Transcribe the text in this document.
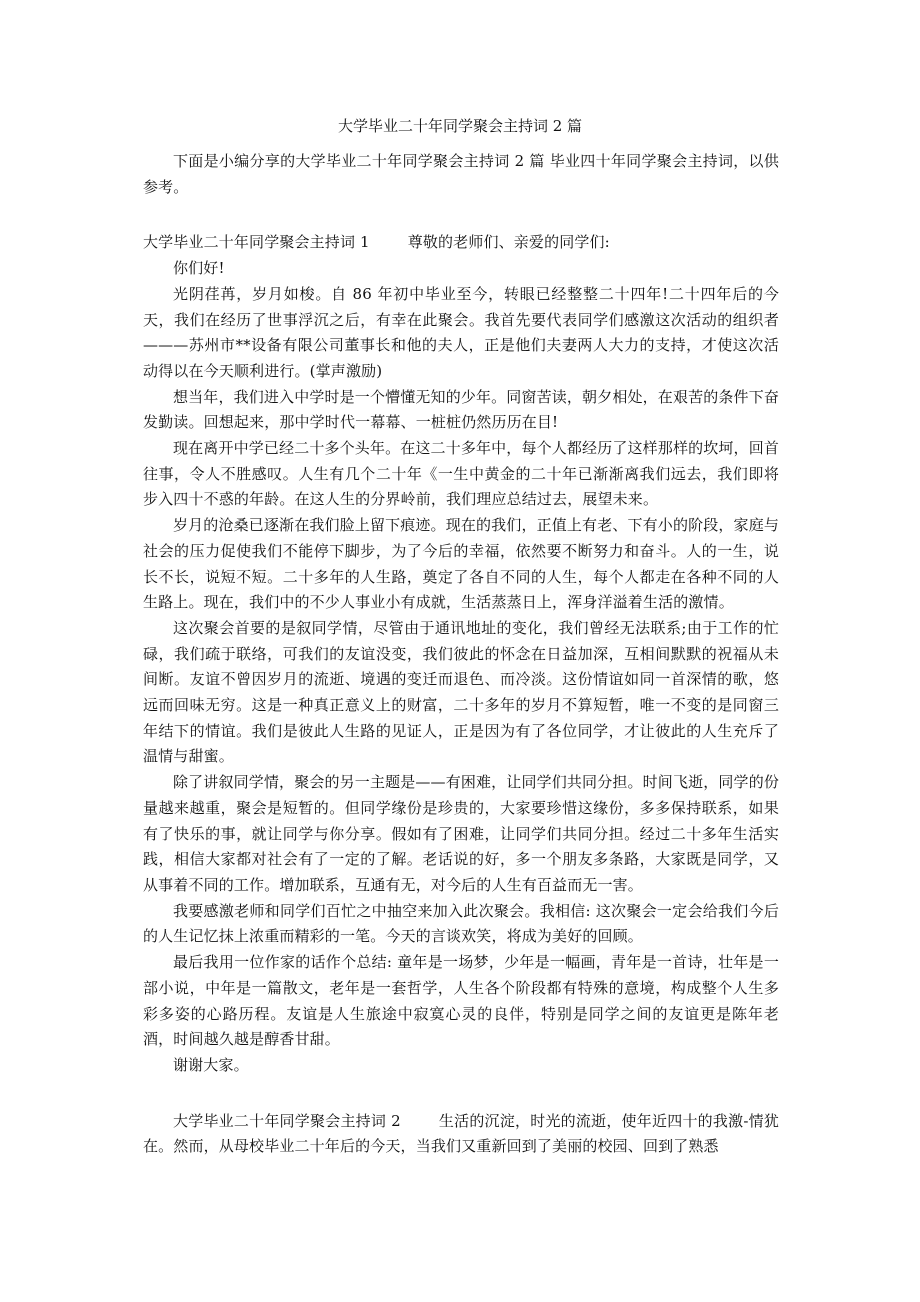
大学毕业二十年同学聚会主持词 2 篇

下面是小编分享的大学毕业二十年同学聚会主持词 2 篇 毕业四十年同学聚会主持词，以供参考。

大学毕业二十年同学聚会主持词 1	尊敬的老师们、亲爱的同学们:

你们好!

光阴荏苒，岁月如梭。自 86 年初中毕业至今，转眼已经整整二十四年!二十四年后的今天，我们在经历了世事浮沉之后，有幸在此聚会。我首先要代表同学们感激这次活动的组织者———苏州市**设备有限公司董事长和他的夫人，正是他们夫妻两人大力的支持，才使这次活动得以在今天顺利进行。(掌声激励)

想当年，我们进入中学时是一个懵懂无知的少年。同窗苦读，朝夕相处，在艰苦的条件下奋发勤读。回想起来，那中学时代一幕幕、一桩桩仍然历历在目!

现在离开中学已经二十多个头年。在这二十多年中，每个人都经历了这样那样的坎坷，回首往事，令人不胜感叹。人生有几个二十年《一生中黄金的二十年已渐渐离我们远去，我们即将步入四十不惑的年龄。在这人生的分界岭前，我们理应总结过去，展望未来。

岁月的沧桑已逐渐在我们脸上留下痕迹。现在的我们，正值上有老、下有小的阶段，家庭与社会的压力促使我们不能停下脚步，为了今后的幸福，依然要不断努力和奋斗。人的一生，说长不长，说短不短。二十多年的人生路，奠定了各自不同的人生，每个人都走在各种不同的人生路上。现在，我们中的不少人事业小有成就，生活蒸蒸日上，浑身洋溢着生活的激情。

这次聚会首要的是叙同学情，尽管由于通讯地址的变化，我们曾经无法联系;由于工作的忙碌，我们疏于联络，可我们的友谊没变，我们彼此的怀念在日益加深，互相间默默的祝福从未间断。友谊不曾因岁月的流逝、境遇的变迁而退色、而冷淡。这份情谊如同一首深情的歌，悠远而回味无穷。这是一种真正意义上的财富，二十多年的岁月不算短暂，唯一不变的是同窗三年结下的情谊。我们是彼此人生路的见证人，正是因为有了各位同学，才让彼此的人生充斥了温情与甜蜜。

除了讲叙同学情，聚会的另一主题是——有困难，让同学们共同分担。时间飞逝，同学的份量越来越重，聚会是短暂的。但同学缘份是珍贵的，大家要珍惜这缘份，多多保持联系，如果有了快乐的事，就让同学与你分享。假如有了困难，让同学们共同分担。经过二十多年生活实践，相信大家都对社会有了一定的了解。老话说的好，多一个朋友多条路，大家既是同学，又从事着不同的工作。增加联系，互通有无，对今后的人生有百益而无一害。

我要感激老师和同学们百忙之中抽空来加入此次聚会。我相信: 这次聚会一定会给我们今后的人生记忆抹上浓重而精彩的一笔。今天的言谈欢笑，将成为美好的回顾。

最后我用一位作家的话作个总结: 童年是一场梦，少年是一幅画，青年是一首诗，壮年是一部小说，中年是一篇散文，老年是一套哲学，人生各个阶段都有特殊的意境，构成整个人生多彩多姿的心路历程。友谊是人生旅途中寂寞心灵的良伴，特别是同学之间的友谊更是陈年老酒，时间越久越是醇香甘甜。

谢谢大家。

大学毕业二十年同学聚会主持词 2	生活的沉淀，时光的流逝，使年近四十的我激-情犹在。然而，从母校毕业二十年后的今天，当我们又重新回到了美丽的校园、回到了熟悉
